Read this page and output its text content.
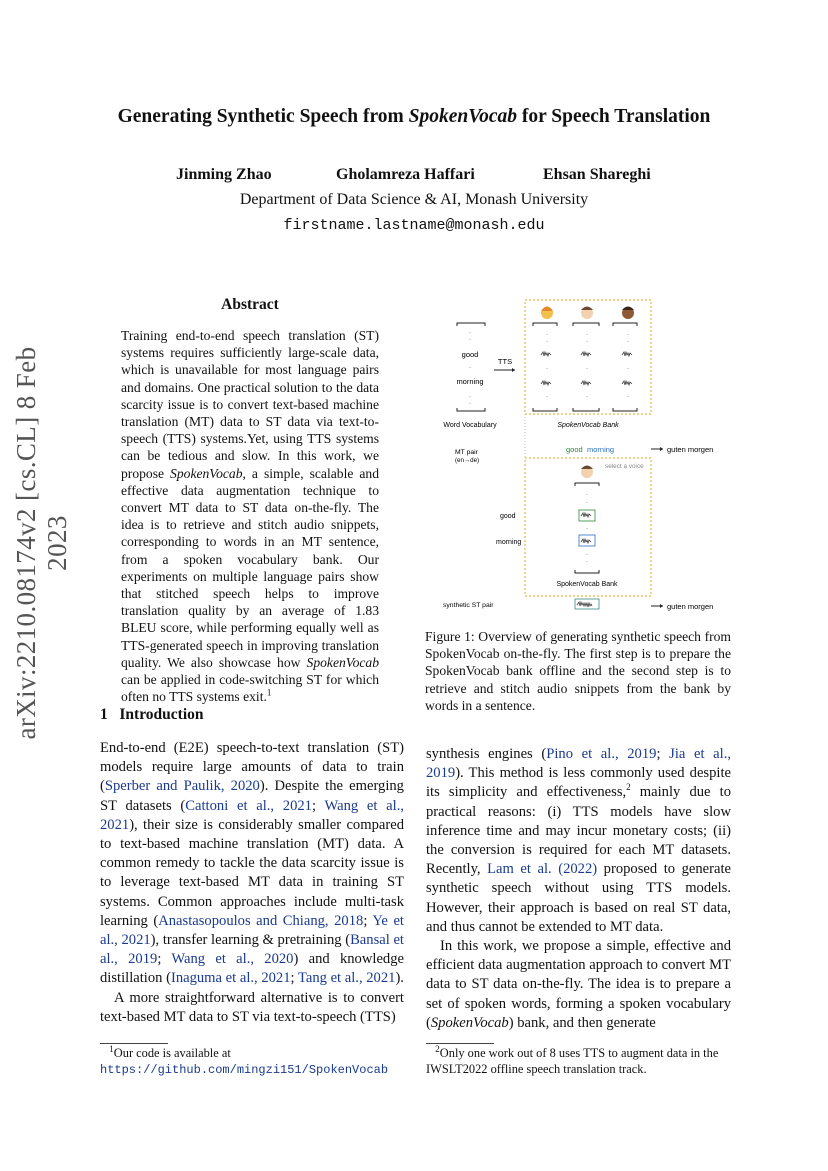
arXiv:2210.08174v2 [cs.CL] 8 Feb 2023
Generating Synthetic Speech from SpokenVocab for Speech Translation
Jinming Zhao	Gholamreza Haffari	Ehsan Shareghi
Department of Data Science & AI, Monash University
firstname.lastname@monash.edu
Abstract
Training end-to-end speech translation (ST) systems requires sufficiently large-scale data, which is unavailable for most language pairs and domains. One practical solution to the data scarcity issue is to convert text-based machine translation (MT) data to ST data via text-to-speech (TTS) systems.Yet, using TTS systems can be tedious and slow. In this work, we propose SpokenVocab, a simple, scalable and effective data augmentation technique to convert MT data to ST data on-the-fly. The idea is to retrieve and stitch audio snippets, corresponding to words in an MT sentence, from a spoken vocabulary bank. Our experiments on multiple language pairs show that stitched speech helps to improve translation quality by an average of 1.83 BLEU score, while performing equally well as TTS-generated speech in improving translation quality. We also showcase how SpokenVocab can be applied in code-switching ST for which often no TTS systems exit.$^1$
1 Introduction

End-to-end (E2E) speech-to-text translation (ST) models require large amounts of data to train (Sperber and Paulik, 2020). Despite the emerging ST datasets (Cattoni et al., 2021; Wang et al., 2021), their size is considerably smaller compared to text-based machine translation (MT) data. A common remedy to tackle the data scarcity issue is to leverage text-based MT data in training ST systems. Common approaches include multi-task learning (Anastasopoulos and Chiang, 2018; Ye et al., 2021), transfer learning & pretraining (Bansal et al., 2019; Wang et al., 2020) and knowledge distillation (Inaguma et al., 2021; Tang et al., 2021).

A more straightforward alternative is to convert text-based MT data to ST via text-to-speech (TTS)

$^1$Our code is available at https://github.com/mingzi151/SpokenVocab
·
·
good
·
morning
·
·
Word Vocabulary
TTS
·	·	·
·	·	·
·	·	·
·	·	·
SpokenVocab Bank
MT pair
(en→de)
good morning	guten morgen
select a voice
·
·
·
·
·
good
morning
SpokenVocab Bank
synthetic ST pair	guten morgen
Figure 1: Overview of generating synthetic speech from SpokenVocab on-the-fly. The first step is to prepare the SpokenVocab bank offline and the second step is to retrieve and stitch audio snippets from the bank by words in a sentence.

synthesis engines (Pino et al., 2019; Jia et al., 2019). This method is less commonly used despite its simplicity and effectiveness,$^2$ mainly due to practical reasons: (i) TTS models have slow inference time and may incur monetary costs; (ii) the conversion is required for each MT datasets. Recently, Lam et al. (2022) proposed to generate synthetic speech without using TTS models. However, their approach is based on real ST data, and thus cannot be extended to MT data.

In this work, we propose a simple, effective and efficient data augmentation approach to convert MT data to ST data on-the-fly. The idea is to prepare a set of spoken words, forming a spoken vocabulary (SpokenVocab) bank, and then generate

$^2$Only one work out of 8 uses TTS to augment data in the IWSLT2022 offline speech translation track.
